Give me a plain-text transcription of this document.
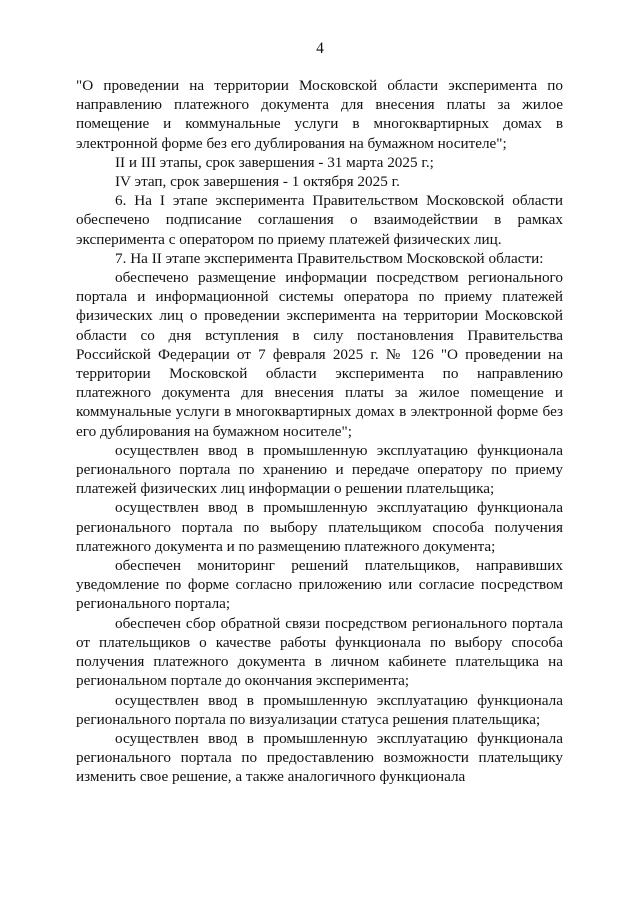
4

"О проведении на территории Московской области эксперимента по направлению платежного документа для внесения платы за жилое помещение и коммунальные услуги в многоквартирных домах в электронной форме без его дублирования на бумажном носителе";

II и III этапы, срок завершения - 31 марта 2025 г.;

IV этап, срок завершения - 1 октября 2025 г.

6. На I этапе эксперимента Правительством Московской области обеспечено подписание соглашения о взаимодействии в рамках эксперимента с оператором по приему платежей физических лиц.

7. На II этапе эксперимента Правительством Московской области:

обеспечено размещение информации посредством регионального портала и информационной системы оператора по приему платежей физических лиц о проведении эксперимента на территории Московской области со дня вступления в силу постановления Правительства Российской Федерации от 7 февраля 2025 г. № 126 "О проведении на территории Московской области эксперимента по направлению платежного документа для внесения платы за жилое помещение и коммунальные услуги в многоквартирных домах в электронной форме без его дублирования на бумажном носителе";

осуществлен ввод в промышленную эксплуатацию функционала регионального портала по хранению и передаче оператору по приему платежей физических лиц информации о решении плательщика;

осуществлен ввод в промышленную эксплуатацию функционала регионального портала по выбору плательщиком способа получения платежного документа и по размещению платежного документа;

обеспечен мониторинг решений плательщиков, направивших уведомление по форме согласно приложению или согласие посредством регионального портала;

обеспечен сбор обратной связи посредством регионального портала от плательщиков о качестве работы функционала по выбору способа получения платежного документа в личном кабинете плательщика на региональном портале до окончания эксперимента;

осуществлен ввод в промышленную эксплуатацию функционала регионального портала по визуализации статуса решения плательщика;

осуществлен ввод в промышленную эксплуатацию функционала регионального портала по предоставлению возможности плательщику изменить свое решение, а также аналогичного функционала
